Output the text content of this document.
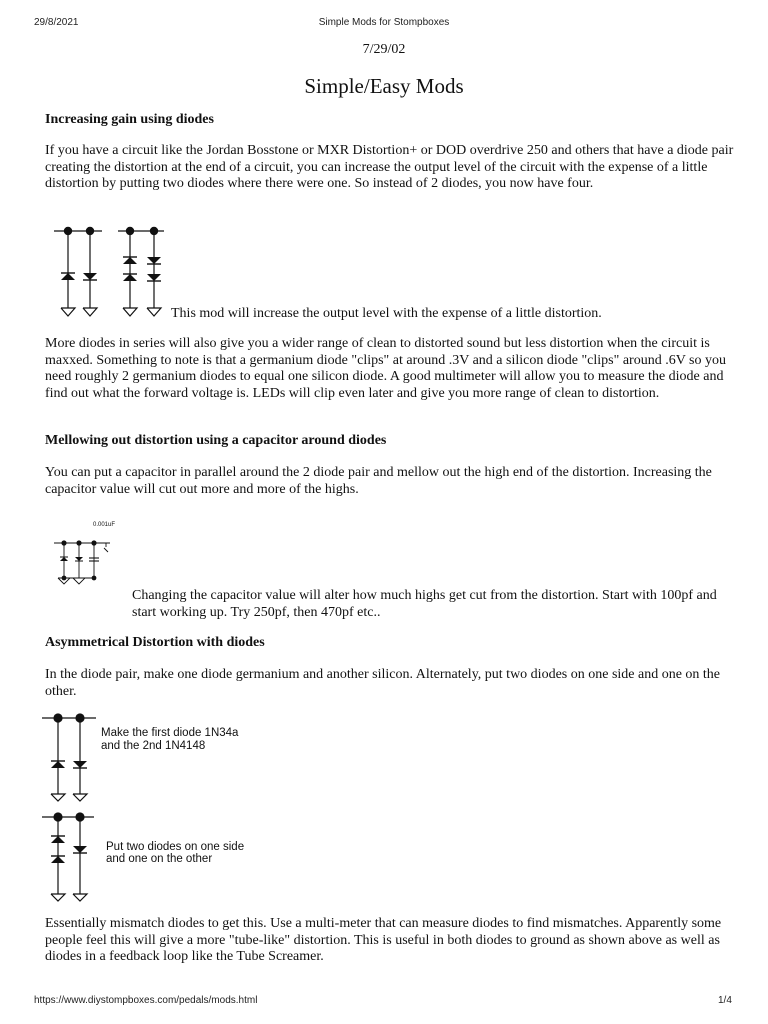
29/8/2021	Simple Mods for Stompboxes
7/29/02
Simple/Easy Mods
Increasing gain using diodes
If you have a circuit like the Jordan Bosstone or MXR Distortion+ or DOD overdrive 250 and others that have a diode pair creating the distortion at the end of a circuit, you can increase the output level of the circuit with the expense of a little distortion by putting two diodes where there were one. So instead of 2 diodes, you now have four.
This mod will increase the output level with the expense of a little distortion.
More diodes in series will also give you a wider range of clean to distorted sound but less distortion when the circuit is maxxed. Something to note is that a germanium diode "clips" at around .3V and a silicon diode "clips" around .6V so you need roughly 2 germanium diodes to equal one silicon diode. A good multimeter will allow you to measure the diode and find out what the forward voltage is. LEDs will clip even later and give you more range of clean to distortion.
Mellowing out distortion using a capacitor around diodes
You can put a capacitor in parallel around the 2 diode pair and mellow out the high end of the distortion. Increasing the capacitor value will cut out more and more of the highs.
0.001uF
Changing the capacitor value will alter how much highs get cut from the distortion. Start with 100pf and start working up. Try 250pf, then 470pf etc..
Asymmetrical Distortion with diodes
In the diode pair, make one diode germanium and another silicon. Alternately, put two diodes on one side and one on the other.
Make the first diode 1N34a
and the 2nd 1N4148
Put two diodes on one side
and one on the other
Essentially mismatch diodes to get this. Use a multi-meter that can measure diodes to find mismatches. Apparently some people feel this will give a more "tube-like" distortion. This is useful in both diodes to ground as shown above as well as diodes in a feedback loop like the Tube Screamer.
https://www.diystompboxes.com/pedals/mods.html	1/4
